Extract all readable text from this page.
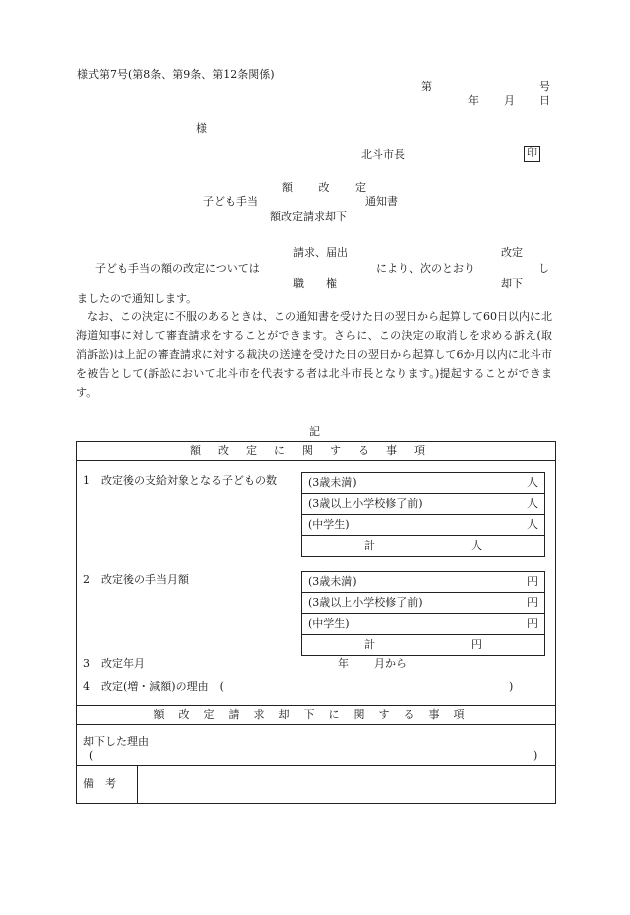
様式第7号(第8条、第9条、第12条関係)
第	号
年 月 日
様
北斗市長	印
額 改 定
子ども手当	通知書
額改定請求却下
請求、届出	改定
子ども手当の額の改定については	により、次のとおり	し
職　　権	却下
ましたので通知します。
なお、この決定に不服のあるときは、この通知書を受けた日の翌日から起算して60日以内に北海道知事に対して審査請求をすることができます。さらに、この決定の取消しを求める訴え(取消訴訟)は上記の審査請求に対する裁決の送達を受けた日の翌日から起算して6か月以内に北斗市を被告として(訴訟において北斗市を代表する者は北斗市長となります。)提起することができます。
記
額改定に関する事項
1　改定後の支給対象となる子どもの数	(3歳未満)	人
(3歳以上小学校修了前)	人
(中学生)	人
計	人
2　改定後の手当月額	(3歳未満)	円
(3歳以上小学校修了前)	円
(中学生)	円
計	円
3　改定年月	年 月から
4　改定(増・減額)の理由　(	)
額改定請求却下に関する事項
却下した理由
(	)
備　考
